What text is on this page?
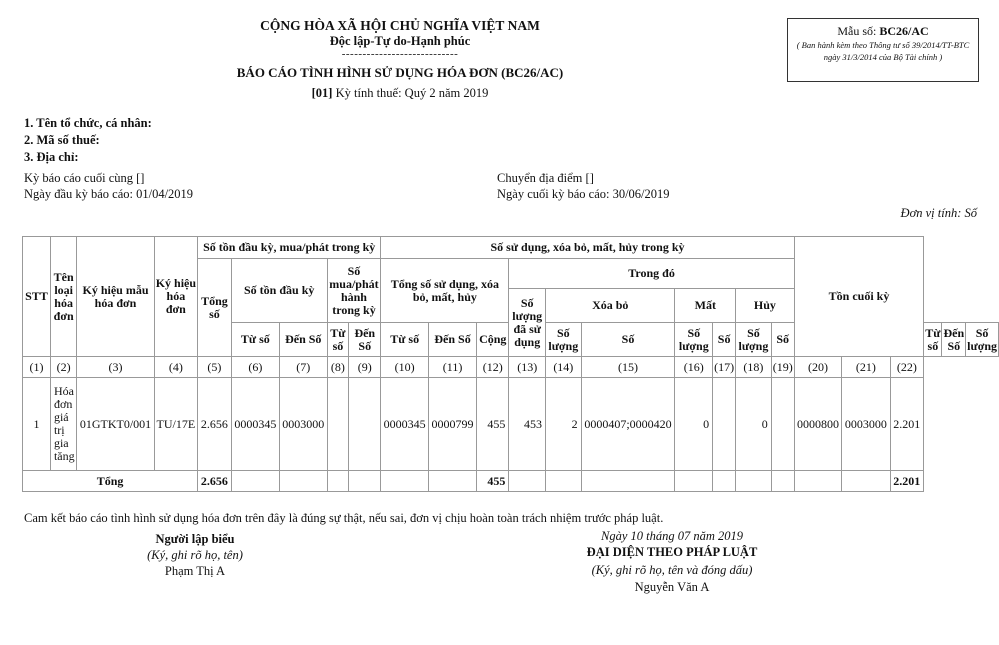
CỘNG HÒA XÃ HỘI CHỦ NGHĨA VIỆT NAM
Độc lập-Tự do-Hạnh phúc
----------------------------
BÁO CÁO TÌNH HÌNH SỬ DỤNG HÓA ĐƠN (BC26/AC)
[01] Kỳ tính thuế: Quý 2 năm 2019
Mẫu số: BC26/AC
( Ban hành kèm theo Thông tư số 39/2014/TT-BTC ngày 31/3/2014 của Bộ Tài chính )
1. Tên tổ chức, cá nhân:
2. Mã số thuế:
3. Địa chỉ:
Kỳ báo cáo cuối cùng []	Chuyển địa điểm []
Ngày đầu kỳ báo cáo: 01/04/2019	Ngày cuối kỳ báo cáo: 30/06/2019
Đơn vị tính: Số
STT	Tên loại hóa đơn	Ký hiệu mẫu hóa đơn	Ký hiệu hóa đơn	Số tồn đầu kỳ, mua/phát trong kỳ					Số sử dụng, xóa bỏ, mất, hủy trong kỳ										Tồn cuối kỳ					
				Tổng số	Số tồn đầu kỳ		Số mua/phát hành trong kỳ		Tổng số sử dụng, xóa bỏ, mất, hủy			Trong đó												
												Số lượng đã sử dụng	Xóa bỏ		Mất		Hủy							
					Từ số	Đến Số	Từ số	Đến Số	Từ số	Đến Số	Cộng		Số lượng	Số	Số lượng	Số	Số lượng	Số				Từ số	Đến Số	Số lượng
(1)	(2)	(3)	(4)	(5)	(6)	(7)	(8)	(9)	(10)	(11)	(12)	(13)	(14)	(15)	(16)	(17)	(18)	(19)	(20)	(21)	(22)			
1	Hóa đơn giá trị gia tăng	01GTKT0/001	TU/17E	2.656	0000345	0003000			0000345	0000799	455	453	2	0000407;0000420	0		0		0000800	0003000	2.201			
Tổng				2.656							455										2.201			
Cam kết báo cáo tình hình sử dụng hóa đơn trên đây là đúng sự thật, nếu sai, đơn vị chịu hoàn toàn trách nhiệm trước pháp luật.
Người lập biểu
(Ký, ghi rõ họ, tên)
Phạm Thị A
Ngày 10 tháng 07 năm 2019
ĐẠI DIỆN THEO PHÁP LUẬT
(Ký, ghi rõ họ, tên và đóng dấu)
Nguyễn Văn A
